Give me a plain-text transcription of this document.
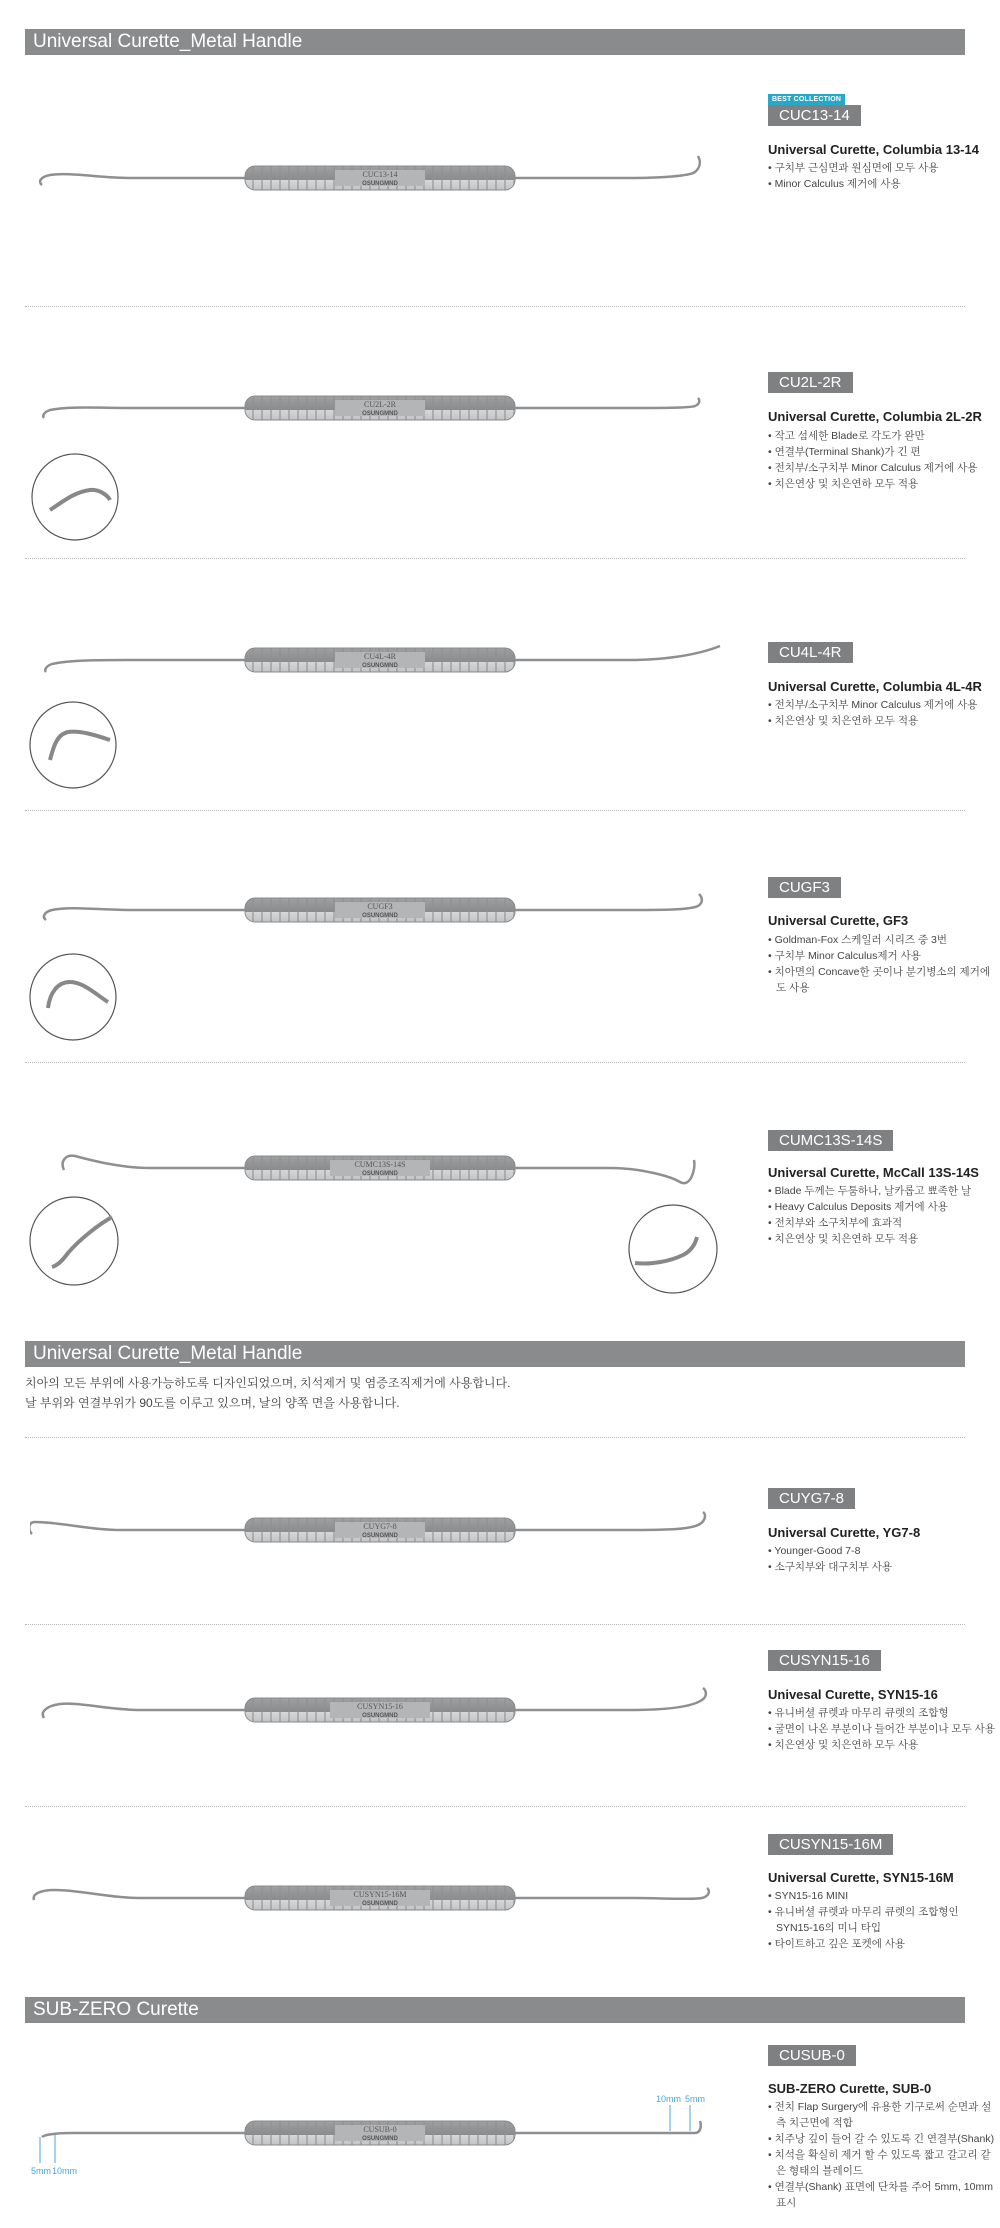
Universal Curette_Metal Handle
CUC13-14
OSUNGMND
BEST COLLECTION
CUC13-14
Universal Curette, Columbia 13-14
• 구치부 근심면과 원심면에 모두 사용
• Minor Calculus 제거에 사용
CU2L-2R
OSUNGMND
CU2L-2R
Universal Curette, Columbia 2L-2R
• 작고 섬세한 Blade로 각도가 완만
• 연결부(Terminal Shank)가 긴 편
• 전치부/소구치부 Minor Calculus 제거에 사용
• 치은연상 및 치은연하 모두 적용
CU4L-4R
OSUNGMND
CU4L-4R
Universal Curette, Columbia 4L-4R
• 전치부/소구치부 Minor Calculus 제거에 사용
• 치은연상 및 치은연하 모두 적용
CUGF3
OSUNGMND
CUGF3
Universal Curette, GF3
• Goldman-Fox 스케일러 시리즈 중 3번
• 구치부 Minor Calculus제거 사용
• 치아면의 Concave한 곳이나 분기병소의 제거에도 사용
CUMC13S-14S
OSUNGMND
CUMC13S-14S
Universal Curette, McCall 13S-14S
• Blade 두께는 두툼하나, 날카롭고 뾰족한 날
• Heavy Calculus Deposits 제거에 사용
• 전치부와 소구치부에 효과적
• 치은연상 및 치은연하 모두 적용
Universal Curette_Metal Handle
치아의 모든 부위에 사용가능하도록 디자인되었으며, 치석제거 및 염증조직제거에 사용합니다.
날 부위와 연결부위가 90도를 이루고 있으며, 날의 양쪽 면을 사용합니다.
CUYG7-8
OSUNGMND
CUYG7-8
Universal Curette, YG7-8
• Younger-Good 7-8
• 소구치부와 대구치부 사용
CUSYN15-16
OSUNGMND
CUSYN15-16
Univesal Curette, SYN15-16
• 유니버셜 큐렛과 마무리 큐렛의 조합형
• 굴면이 나온 부분이나 들어간 부분이나 모두 사용
• 치은연상 및 치은연하 모두 사용
CUSYN15-16M
OSUNGMND
CUSYN15-16M
Universal Curette, SYN15-16M
• SYN15-16 MINI
• 유니버셜 큐렛과 마무리 큐렛의 조합형인 SYN15-16의 미니 타입
• 타이트하고 깊은 포켓에 사용
SUB-ZERO Curette
CUSUB-0
OSUNGMND
5mm 10mm
10mm 5mm
CUSUB-0
SUB-ZERO Curette, SUB-0
• 전치 Flap Surgery에 유용한 기구로써 순면과 설측 치근면에 적합
• 치주낭 깊이 들어 갈 수 있도록 긴 연결부(Shank)
• 치석을 확실히 제거 할 수 있도록 짧고 갈고리 같은 형태의 블레이드
• 연결부(Shank) 표면에 단차를 주어 5mm, 10mm 표시
